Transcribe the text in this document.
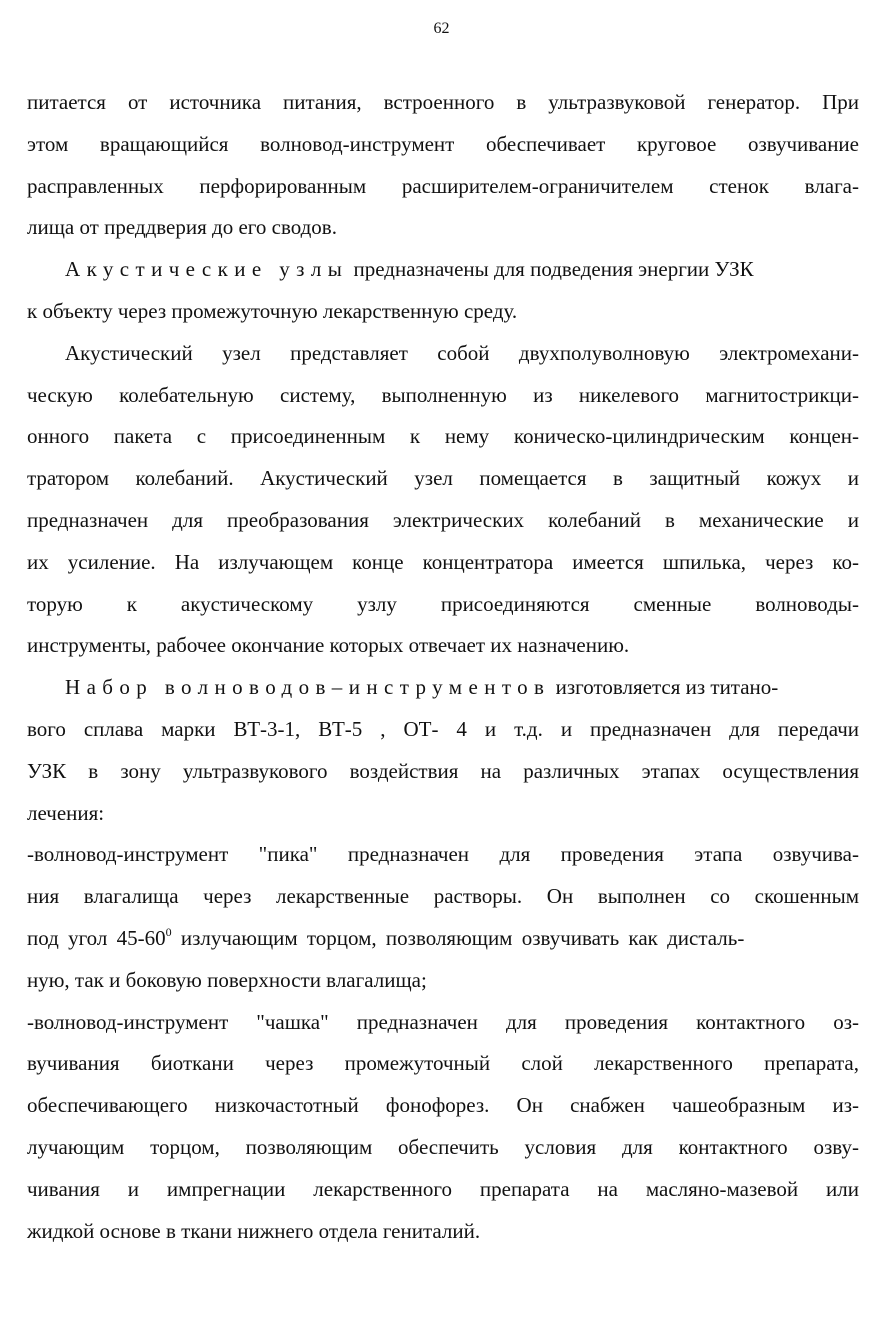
62
питается от источника питания, встроенного в ультразвуковой генератор. При
этом вращающийся волновод-инструмент обеспечивает круговое озвучивание
расправленных перфорированным расширителем-ограничителем стенок влага-
лища от преддверия до его сводов.
Акустические узлы предназначены для подведения энергии УЗК
к объекту через промежуточную лекарственную среду.
Акустический узел представляет собой двухполуволновую электромехани-
ческую колебательную систему, выполненную из никелевого магнитострикци-
онного пакета с присоединенным к нему коническо-цилиндрическим концен-
тратором колебаний. Акустический узел помещается в защитный кожух и
предназначен для преобразования электрических колебаний в механические и
их усиление. На излучающем конце концентратора имеется шпилька, через ко-
торую к акустическому узлу присоединяются сменные волноводы-
инструменты, рабочее окончание которых отвечает их назначению.
Набор волноводов–инструментов изготовляется из титано-
вого сплава марки ВТ-3-1, ВТ-5 , ОТ- 4 и т.д. и предназначен для передачи
УЗК в зону ультразвукового воздействия на различных этапах осуществления
лечения:
-волновод-инструмент "пика" предназначен для проведения этапа озвучива-
ния влагалища через лекарственные растворы. Он выполнен со скошенным
под угол $45-60^0$ излучающим торцом, позволяющим озвучивать как дисталь-
ную, так и боковую поверхности влагалища;
-волновод-инструмент "чашка" предназначен для проведения контактного оз-
вучивания биоткани через промежуточный слой лекарственного препарата,
обеспечивающего низкочастотный фонофорез. Он снабжен чашеобразным из-
лучающим торцом, позволяющим обеспечить условия для контактного озву-
чивания и импрегнации лекарственного препарата на масляно-мазевой или
жидкой основе в ткани нижнего отдела гениталий.
